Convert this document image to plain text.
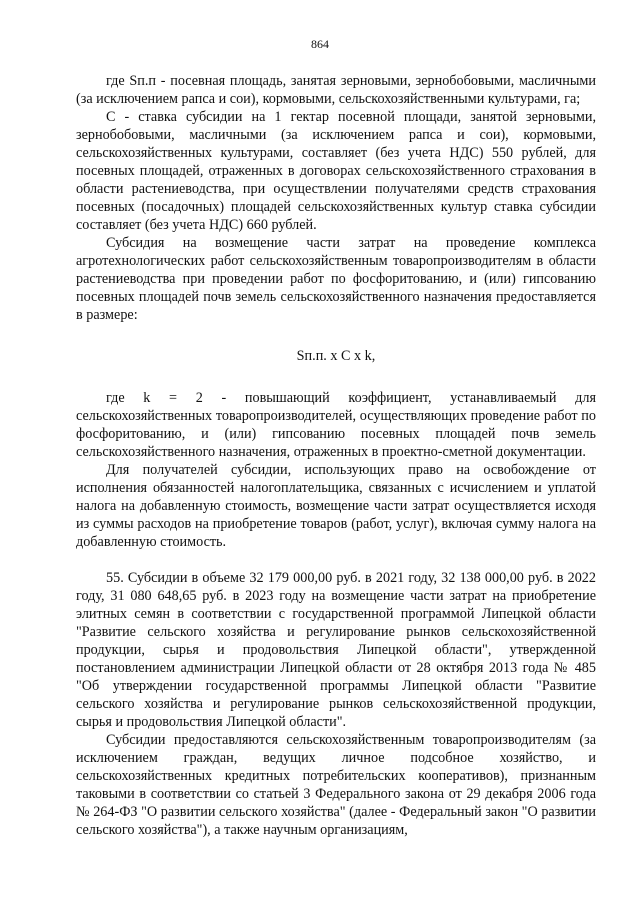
864

где Sп.п - посевная площадь, занятая зерновыми, зернобобовыми, масличными (за исключением рапса и сои), кормовыми, сельскохозяйственными культурами, га;

C - ставка субсидии на 1 гектар посевной площади, занятой зерновыми, зернобобовыми, масличными (за исключением рапса и сои), кормовыми, сельскохозяйственных культурами, составляет (без учета НДС) 550 рублей, для посевных площадей, отраженных в договорах сельскохозяйственного страхования в области растениеводства, при осуществлении получателями средств страхования посевных (посадочных) площадей сельскохозяйственных культур ставка субсидии составляет (без учета НДС) 660 рублей.

Субсидия на возмещение части затрат на проведение комплекса агротехнологических работ сельскохозяйственным товаропроизводителям в области растениеводства при проведении работ по фосфоритованию, и (или) гипсованию посевных площадей почв земель сельскохозяйственного назначения предоставляется в размере:

Sп.п. x C x k,

где k = 2 - повышающий коэффициент, устанавливаемый для сельскохозяйственных товаропроизводителей, осуществляющих проведение работ по фосфоритованию, и (или) гипсованию посевных площадей почв земель сельскохозяйственного назначения, отраженных в проектно-сметной документации.

Для получателей субсидии, использующих право на освобождение от исполнения обязанностей налогоплательщика, связанных с исчислением и уплатой налога на добавленную стоимость, возмещение части затрат осуществляется исходя из суммы расходов на приобретение товаров (работ, услуг), включая сумму налога на добавленную стоимость.

55. Субсидии в объеме 32 179 000,00 руб. в 2021 году, 32 138 000,00 руб. в 2022 году, 31 080 648,65 руб. в 2023 году на возмещение части затрат на приобретение элитных семян в соответствии с государственной программой Липецкой области "Развитие сельского хозяйства и регулирование рынков сельскохозяйственной продукции, сырья и продовольствия Липецкой области", утвержденной постановлением администрации Липецкой области от 28 октября 2013 года № 485 "Об утверждении государственной программы Липецкой области "Развитие сельского хозяйства и регулирование рынков сельскохозяйственной продукции, сырья и продовольствия Липецкой области".

Субсидии предоставляются сельскохозяйственным товаропроизводителям (за исключением граждан, ведущих личное подсобное хозяйство, и сельскохозяйственных кредитных потребительских кооперативов), признанным таковыми в соответствии со статьей 3 Федерального закона от 29 декабря 2006 года № 264-ФЗ "О развитии сельского хозяйства" (далее - Федеральный закон "О развитии сельского хозяйства"), а также научным организациям,
